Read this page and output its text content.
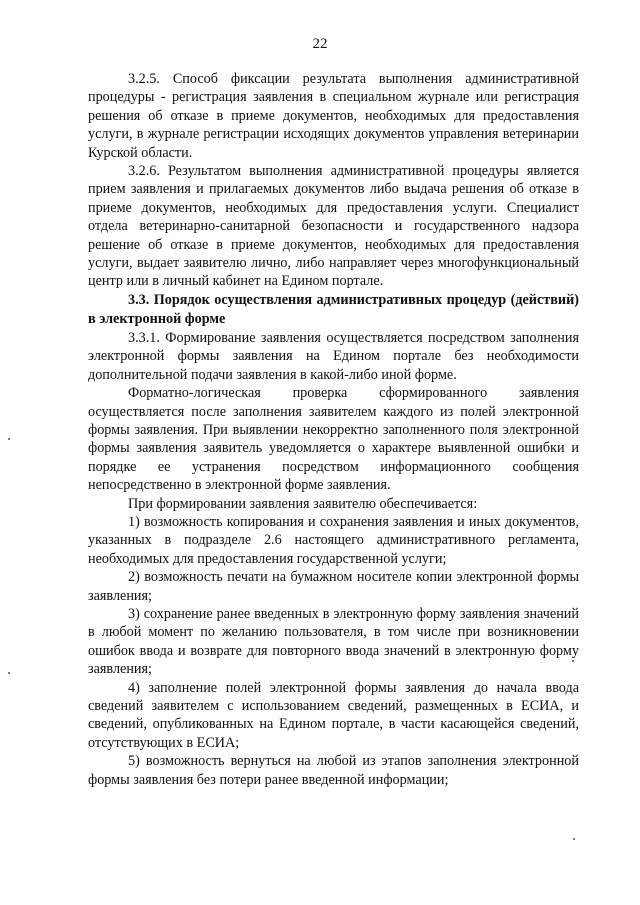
22

3.2.5. Способ фиксации результата выполнения административной процедуры - регистрация заявления в специальном журнале или регистрация решения об отказе в приеме документов, необходимых для предоставления услуги, в журнале регистрации исходящих документов управления ветеринарии Курской области.

3.2.6. Результатом выполнения административной процедуры является прием заявления и прилагаемых документов либо выдача решения об отказе в приеме документов, необходимых для предоставления услуги. Специалист отдела ветеринарно-санитарной безопасности и государственного надзора решение об отказе в приеме документов, необходимых для предоставления услуги, выдает заявителю лично, либо направляет через многофункциональный центр или в личный кабинет на Едином портале.

3.3. Порядок осуществления административных процедур (действий) в электронной форме

3.3.1. Формирование заявления осуществляется посредством заполнения электронной формы заявления на Едином портале без необходимости дополнительной подачи заявления в какой-либо иной форме.

Форматно-логическая проверка сформированного заявления осуществляется после заполнения заявителем каждого из полей электронной формы заявления. При выявлении некорректно заполненного поля электронной формы заявления заявитель уведомляется о характере выявленной ошибки и порядке ее устранения посредством информационного сообщения непосредственно в электронной форме заявления.

При формировании заявления заявителю обеспечивается:

1) возможность копирования и сохранения заявления и иных документов, указанных в подразделе 2.6 настоящего административного регламента, необходимых для предоставления государственной услуги;

2) возможность печати на бумажном носителе копии электронной формы заявления;

3) сохранение ранее введенных в электронную форму заявления значений в любой момент по желанию пользователя, в том числе при возникновении ошибок ввода и возврате для повторного ввода значений в электронную форму заявления;

4) заполнение полей электронной формы заявления до начала ввода сведений заявителем с использованием сведений, размещенных в ЕСИА, и сведений, опубликованных на Едином портале, в части касающейся сведений, отсутствующих в ЕСИА;

5) возможность вернуться на любой из этапов заполнения электронной формы заявления без потери ранее введенной информации;
